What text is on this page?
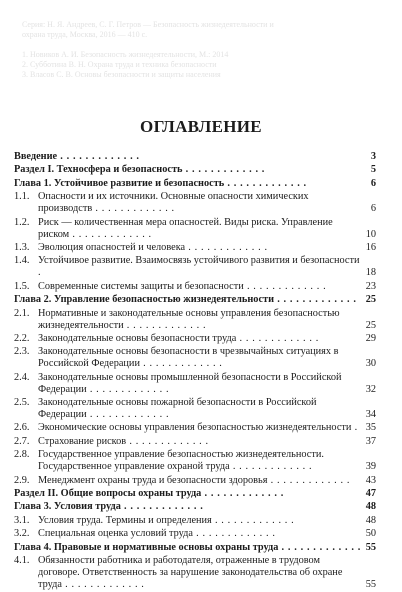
Серия: Н. Я. Андреев, С. Г. Петров — Безопасность жизнедеятельности и
охрана труда, Москва, 2016 — 410 с.
1. Новиков А. И. Безопасность жизнедеятельности, М.: 2014
2. Субботина В. Н. Охрана труда и техника безопасности
3. Власов С. В. Основы безопасности и защиты населения
ОГЛАВЛЕНИЕ
Введение . . . . . . . . . . . . .	3
Раздел I. Техносфера и безопасность . . . . . . . . . . . . .	5
Глава 1. Устойчивое развитие и безопасность . . . . . . . . . . . . .	6
1.1. Опасности и их источники. Основные опасности химических производств . . . . . . . . . . . . .	6
1.2. Риск — количественная мера опасностей. Виды риска. Управление риском . . . . . . . . . . . . .	10
1.3. Эволюция опасностей и человека . . . . . . . . . . . . .	16
1.4. Устойчивое развитие. Взаимосвязь устойчивого развития и безопасности .	18
1.5. Современные системы защиты и безопасности . . . . . . . . . . . . .	23
Глава 2. Управление безопасностью жизнедеятельности . . . . . . . . . . . . . 25
2.1. Нормативные и законодательные основы управления безопасностью жизнедеятельности . . . . . . . . . . . . .	25
2.2. Законодательные основы безопасности труда . . . . . . . . . . . . .	29
2.3. Законодательные основы безопасности в чрезвычайных ситуациях в Российской Федерации . . . . . . . . . . . . .	30
2.4. Законодательные основы промышленной безопасности в Российской Федерации . . . . . . . . . . . . .	32
2.5. Законодательные основы пожарной безопасности в Российской Федерации . . . . . . . . . . . . .	34
2.6. Экономические основы управления безопасностью жизнедеятельности . 35
2.7. Страхование рисков . . . . . . . . . . . . .	37
2.8. Государственное управление безопасностью жизнедеятельности. Государственное управление охраной труда . . . . . . . . . . . . .	39
2.9. Менеджмент охраны труда и безопасности здоровья . . . . . . . . . . . . .	43
Раздел II. Общие вопросы охраны труда . . . . . . . . . . . . .	47
Глава 3. Условия труда . . . . . . . . . . . . .	48
3.1. Условия труда. Термины и определения . . . . . . . . . . . . .	48
3.2. Специальная оценка условий труда . . . . . . . . . . . . .	50
Глава 4. Правовые и нормативные основы охраны труда . . . . . . . . . . . . . 55
4.1. Обязанности работника и работодателя, отраженные в трудовом договоре. Ответственность за нарушение законодательства об охране труда . . . . . . . . . . . . .	55
